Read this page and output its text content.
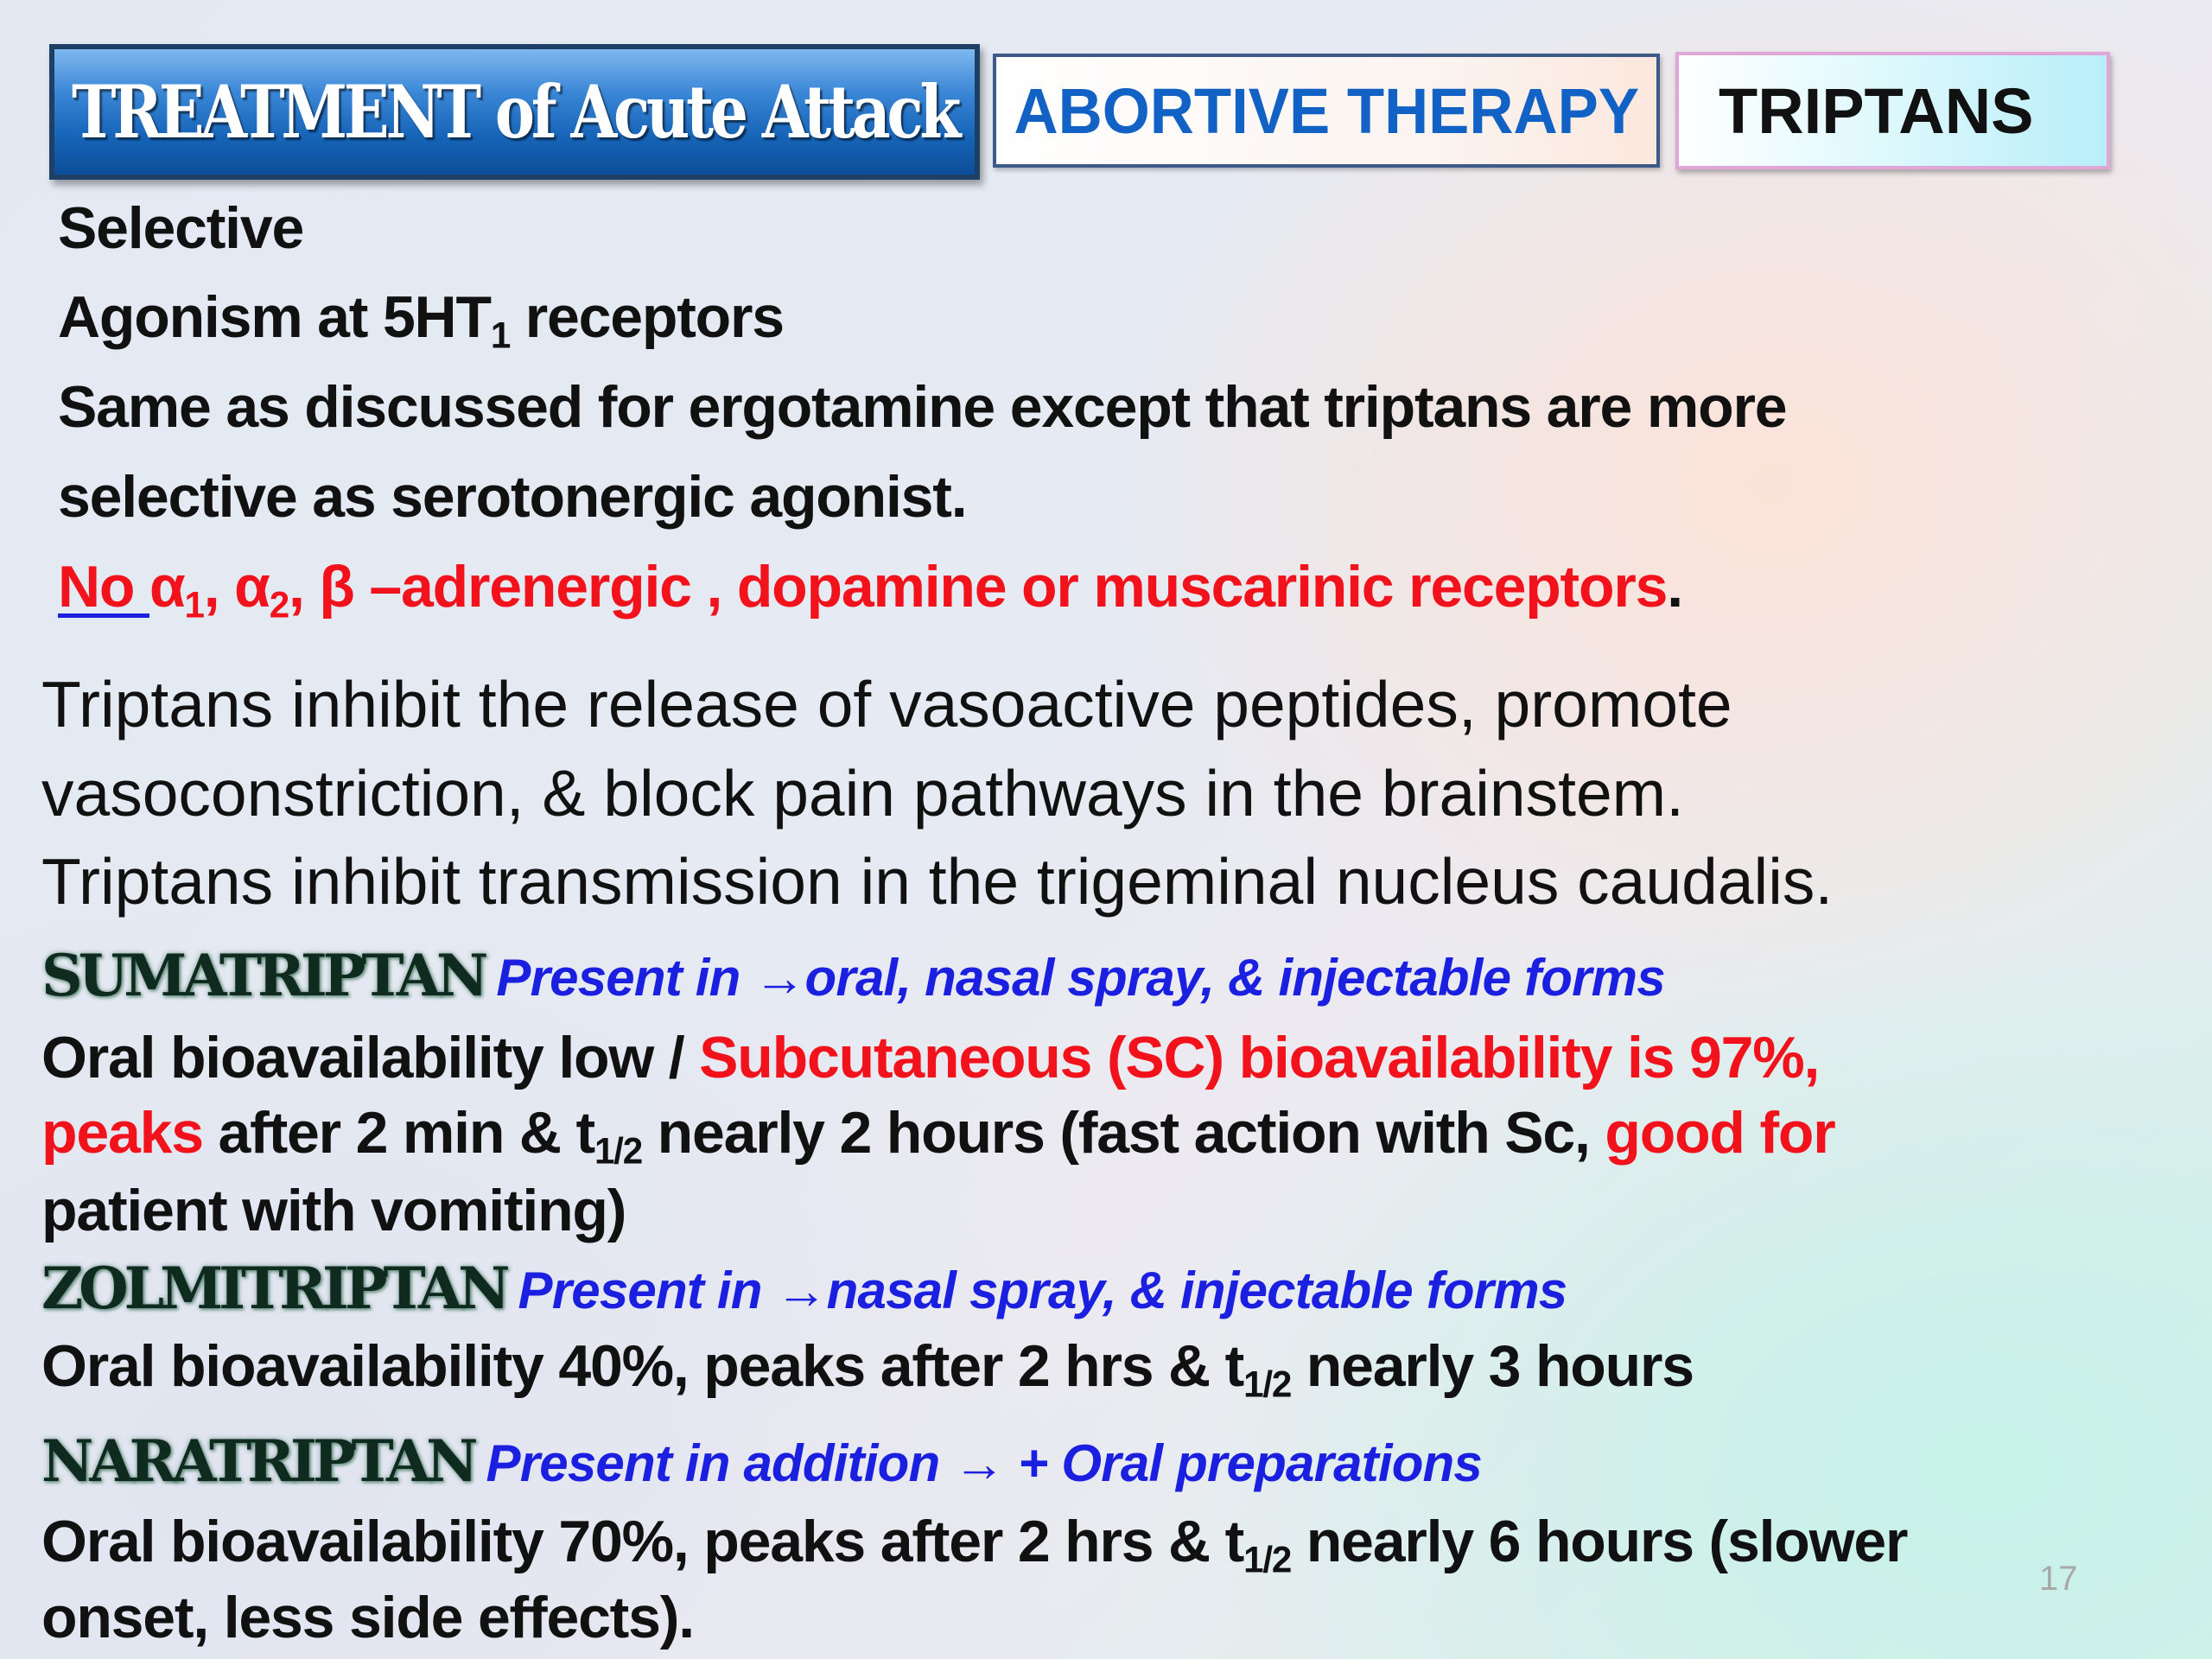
TREATMENT of Acute Attack ABORTIVE THERAPY TRIPTANS

Selective

Agonism at $5HT_1$ receptors

Same as discussed for ergotamine except that triptans are more

selective as serotonergic agonist.

No $\alpha_1$, $\alpha_2$, β –adrenergic , dopamine or muscarinic receptors.

Triptans inhibit the release of vasoactive peptides, promote

vasoconstriction, & block pain pathways in the brainstem.

Triptans inhibit transmission in the trigeminal nucleus caudalis.

SUMATRIPTAN Present in →oral, nasal spray, & injectable forms

Oral bioavailability low / Subcutaneous (SC) bioavailability is 97%,

peaks after 2 min & $t_{1/2}$ nearly 2 hours (fast action with Sc, good for

patient with vomiting)

ZOLMITRIPTAN Present in →nasal spray, & injectable forms

Oral bioavailability 40%, peaks after 2 hrs & $t_{1/2}$ nearly 3 hours

NARATRIPTAN Present in addition → + Oral preparations

Oral bioavailability 70%, peaks after 2 hrs & $t_{1/2}$ nearly 6 hours (slower

onset, less side effects).

17
